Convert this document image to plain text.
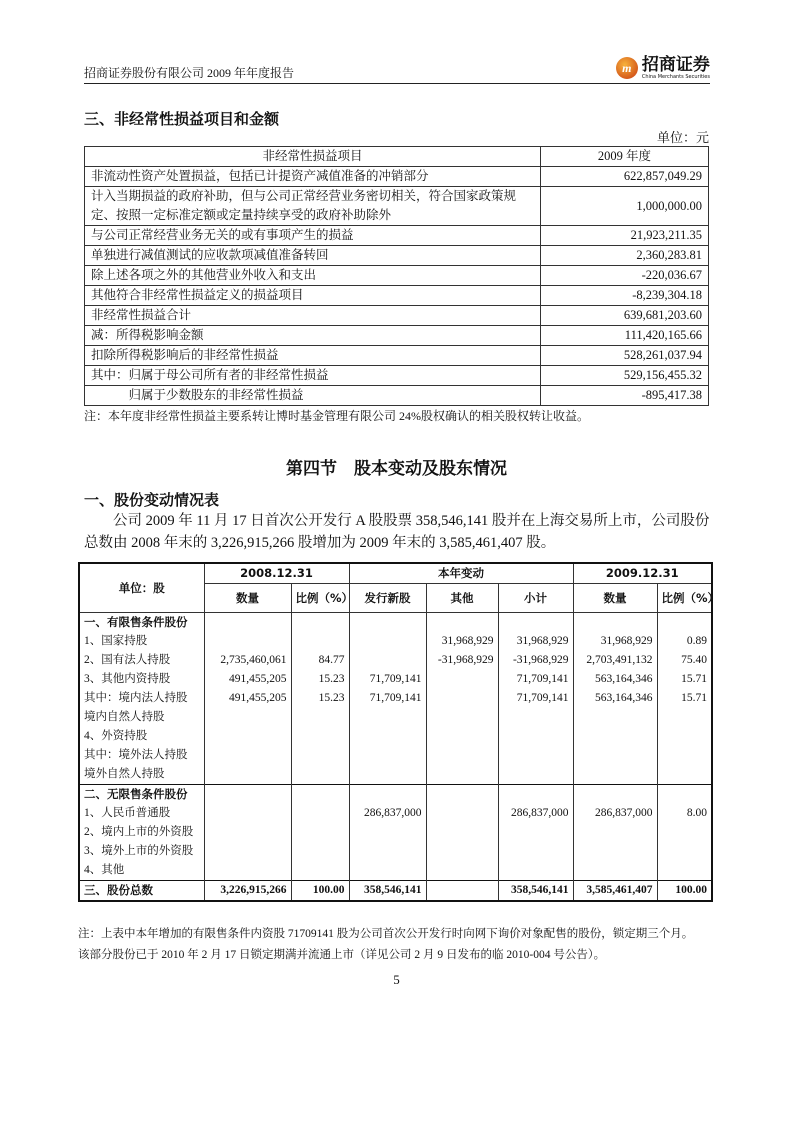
招商证券股份有限公司 2009 年年度报告	m 招商证券
China Merchants Securities
三、非经常性损益项目和金额
单位：元
非经常性损益项目	2009 年度
非流动性资产处置损益，包括已计提资产减值准备的冲销部分	622,857,049.29
计入当期损益的政府补助，但与公司正常经营业务密切相关，符合国家政策规定、按照一定标准定额或定量持续享受的政府补助除外	1,000,000.00
与公司正常经营业务无关的或有事项产生的损益	21,923,211.35
单独进行减值测试的应收款项减值准备转回	2,360,283.81
除上述各项之外的其他营业外收入和支出	-220,036.67
其他符合非经常性损益定义的损益项目	-8,239,304.18
非经常性损益合计	639,681,203.60
减：所得税影响金额	111,420,165.66
扣除所得税影响后的非经常性损益	528,261,037.94
其中：归属于母公司所有者的非经常性损益	529,156,455.32
　　　归属于少数股东的非经常性损益	-895,417.38
注：本年度非经常性损益主要系转让博时基金管理有限公司 24%股权确认的相关股权转让收益。
第四节　股本变动及股东情况
一、股份变动情况表
公司 2009 年 11 月 17 日首次公开发行 A 股股票 358,546,141 股并在上海交易所上市，公司股份总数由 2008 年末的 3,226,915,266 股增加为 2009 年末的 3,585,461,407 股。
单位：股	2008.12.31		本年变动			2009.12.31	
	数量	比例（%）	发行新股	其他	小计	数量	比例（%）
一、有限售条件股份							
1、国家持股				31,968,929	31,968,929	31,968,929	0.89
2、国有法人持股	2,735,460,061	84.77		-31,968,929	-31,968,929	2,703,491,132	75.40
3、其他内资持股	491,455,205	15.23	71,709,141		71,709,141	563,164,346	15.71
其中：境内法人持股	491,455,205	15.23	71,709,141		71,709,141	563,164,346	15.71
境内自然人持股							
4、外资持股							
其中：境外法人持股							
境外自然人持股							
二、无限售条件股份							
1、人民币普通股			286,837,000		286,837,000	286,837,000	8.00
2、境内上市的外资股							
3、境外上市的外资股							
4、其他							
三、股份总数	3,226,915,266	100.00	358,546,141		358,546,141	3,585,461,407	100.00
注：上表中本年增加的有限售条件内资股 71709141 股为公司首次公开发行时向网下询价对象配售的股份，锁定期三个月。
该部分股份已于 2010 年 2 月 17 日锁定期满并流通上市（详见公司 2 月 9 日发布的临 2010-004 号公告）。
5
